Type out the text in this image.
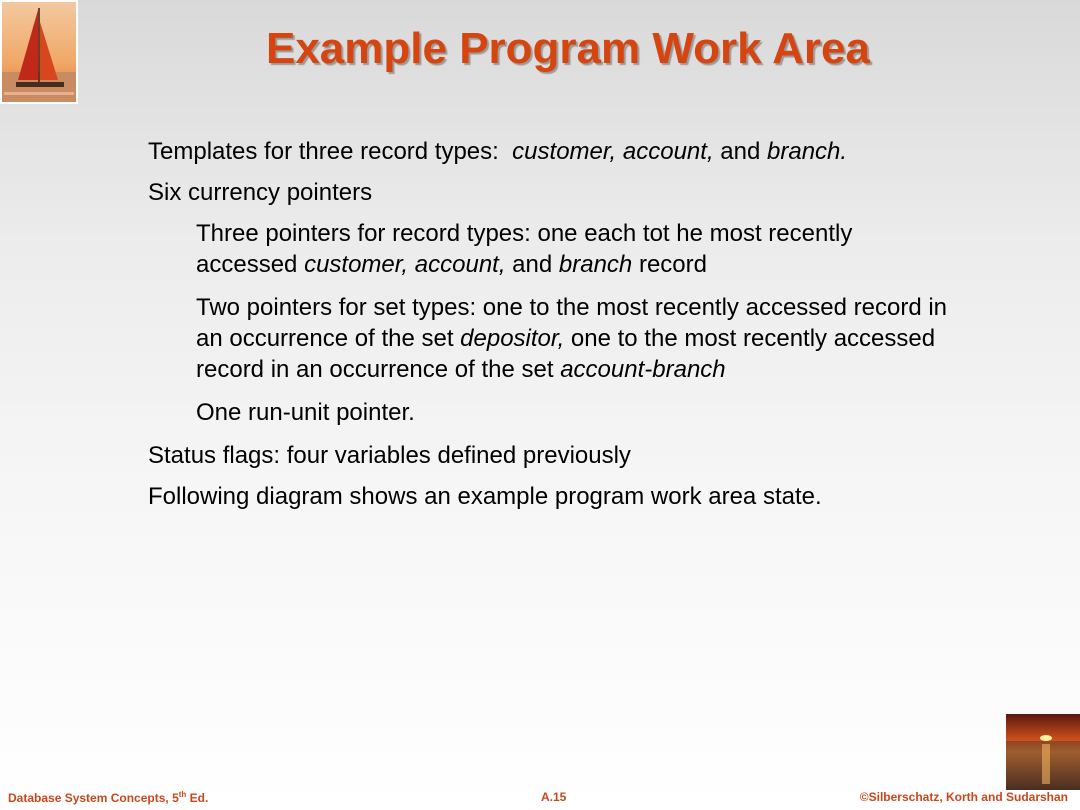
Example Program Work Area
Templates for three record types: customer, account, and branch.
Six currency pointers
Three pointers for record types: one each tot he most recently accessed customer, account, and branch record
Two pointers for set types: one to the most recently accessed record in an occurrence of the set depositor, one to the most recently accessed record in an occurrence of the set account-branch
One run-unit pointer.
Status flags: four variables defined previously
Following diagram shows an example program work area state.
Database System Concepts, 5th Ed.	A.15	©Silberschatz, Korth and Sudarshan
